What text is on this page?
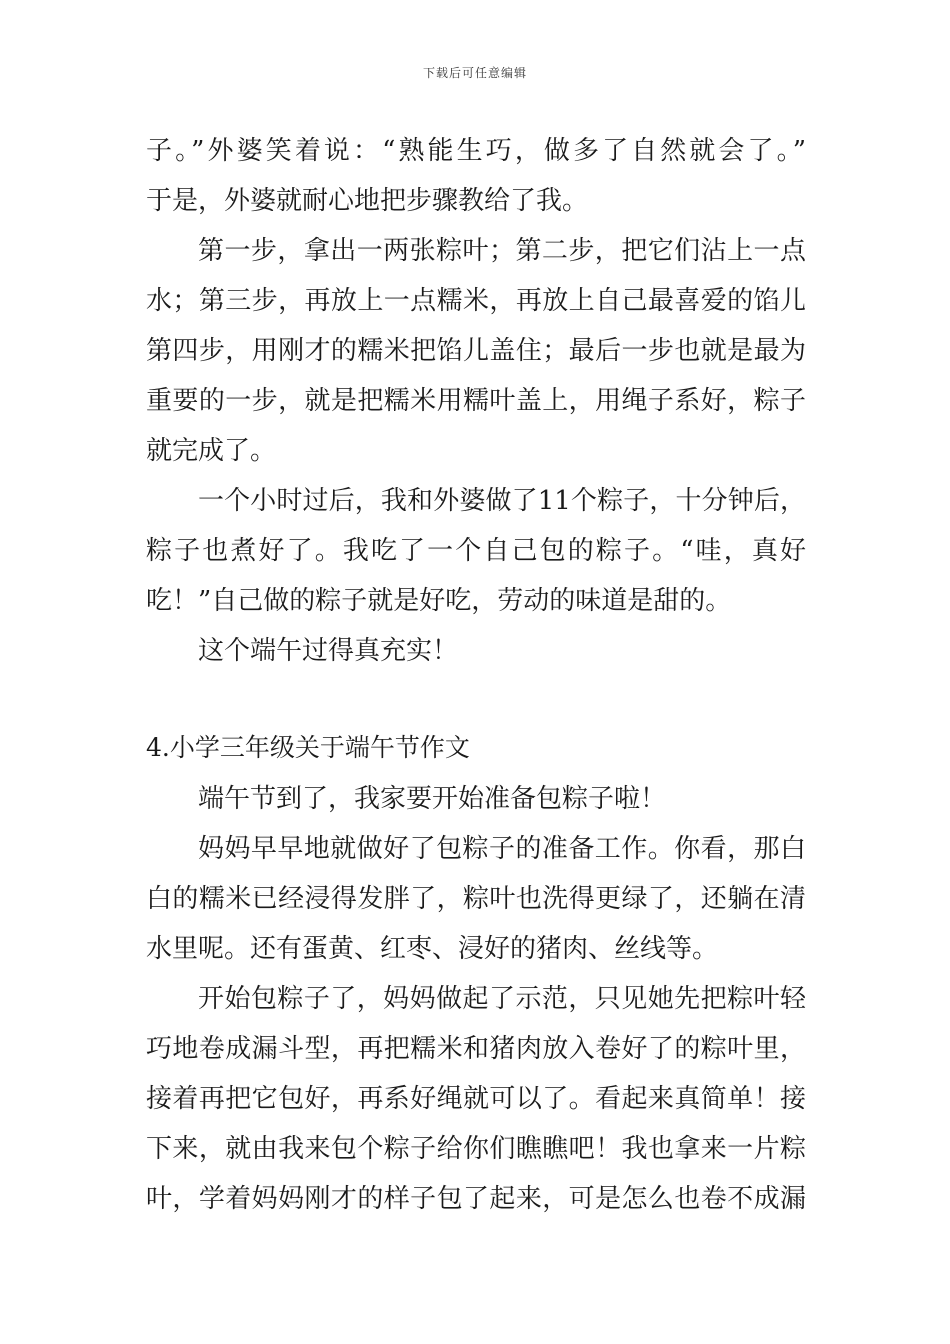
下载后可任意编辑
子。”外婆笑着说：“熟能生巧，做多了自然就会了。”
于是，外婆就耐心地把步骤教给了我。
第一步，拿出一两张粽叶；第二步，把它们沾上一点
水；第三步，再放上一点糯米，再放上自己最喜爱的馅儿
第四步，用刚才的糯米把馅儿盖住；最后一步也就是最为
重要的一步，就是把糯米用糯叶盖上，用绳子系好，粽子
就完成了。
一个小时过后，我和外婆做了11个粽子，十分钟后，
粽子也煮好了。我吃了一个自己包的粽子。“哇，真好
吃！”自己做的粽子就是好吃，劳动的味道是甜的。
这个端午过得真充实！
4.小学三年级关于端午节作文
端午节到了，我家要开始准备包粽子啦！
妈妈早早地就做好了包粽子的准备工作。你看，那白
白的糯米已经浸得发胖了，粽叶也洗得更绿了，还躺在清
水里呢。还有蛋黄、红枣、浸好的猪肉、丝线等。
开始包粽子了，妈妈做起了示范，只见她先把粽叶轻
巧地卷成漏斗型，再把糯米和猪肉放入卷好了的粽叶里，
接着再把它包好，再系好绳就可以了。看起来真简单！接
下来，就由我来包个粽子给你们瞧瞧吧！我也拿来一片粽
叶，学着妈妈刚才的样子包了起来，可是怎么也卷不成漏
